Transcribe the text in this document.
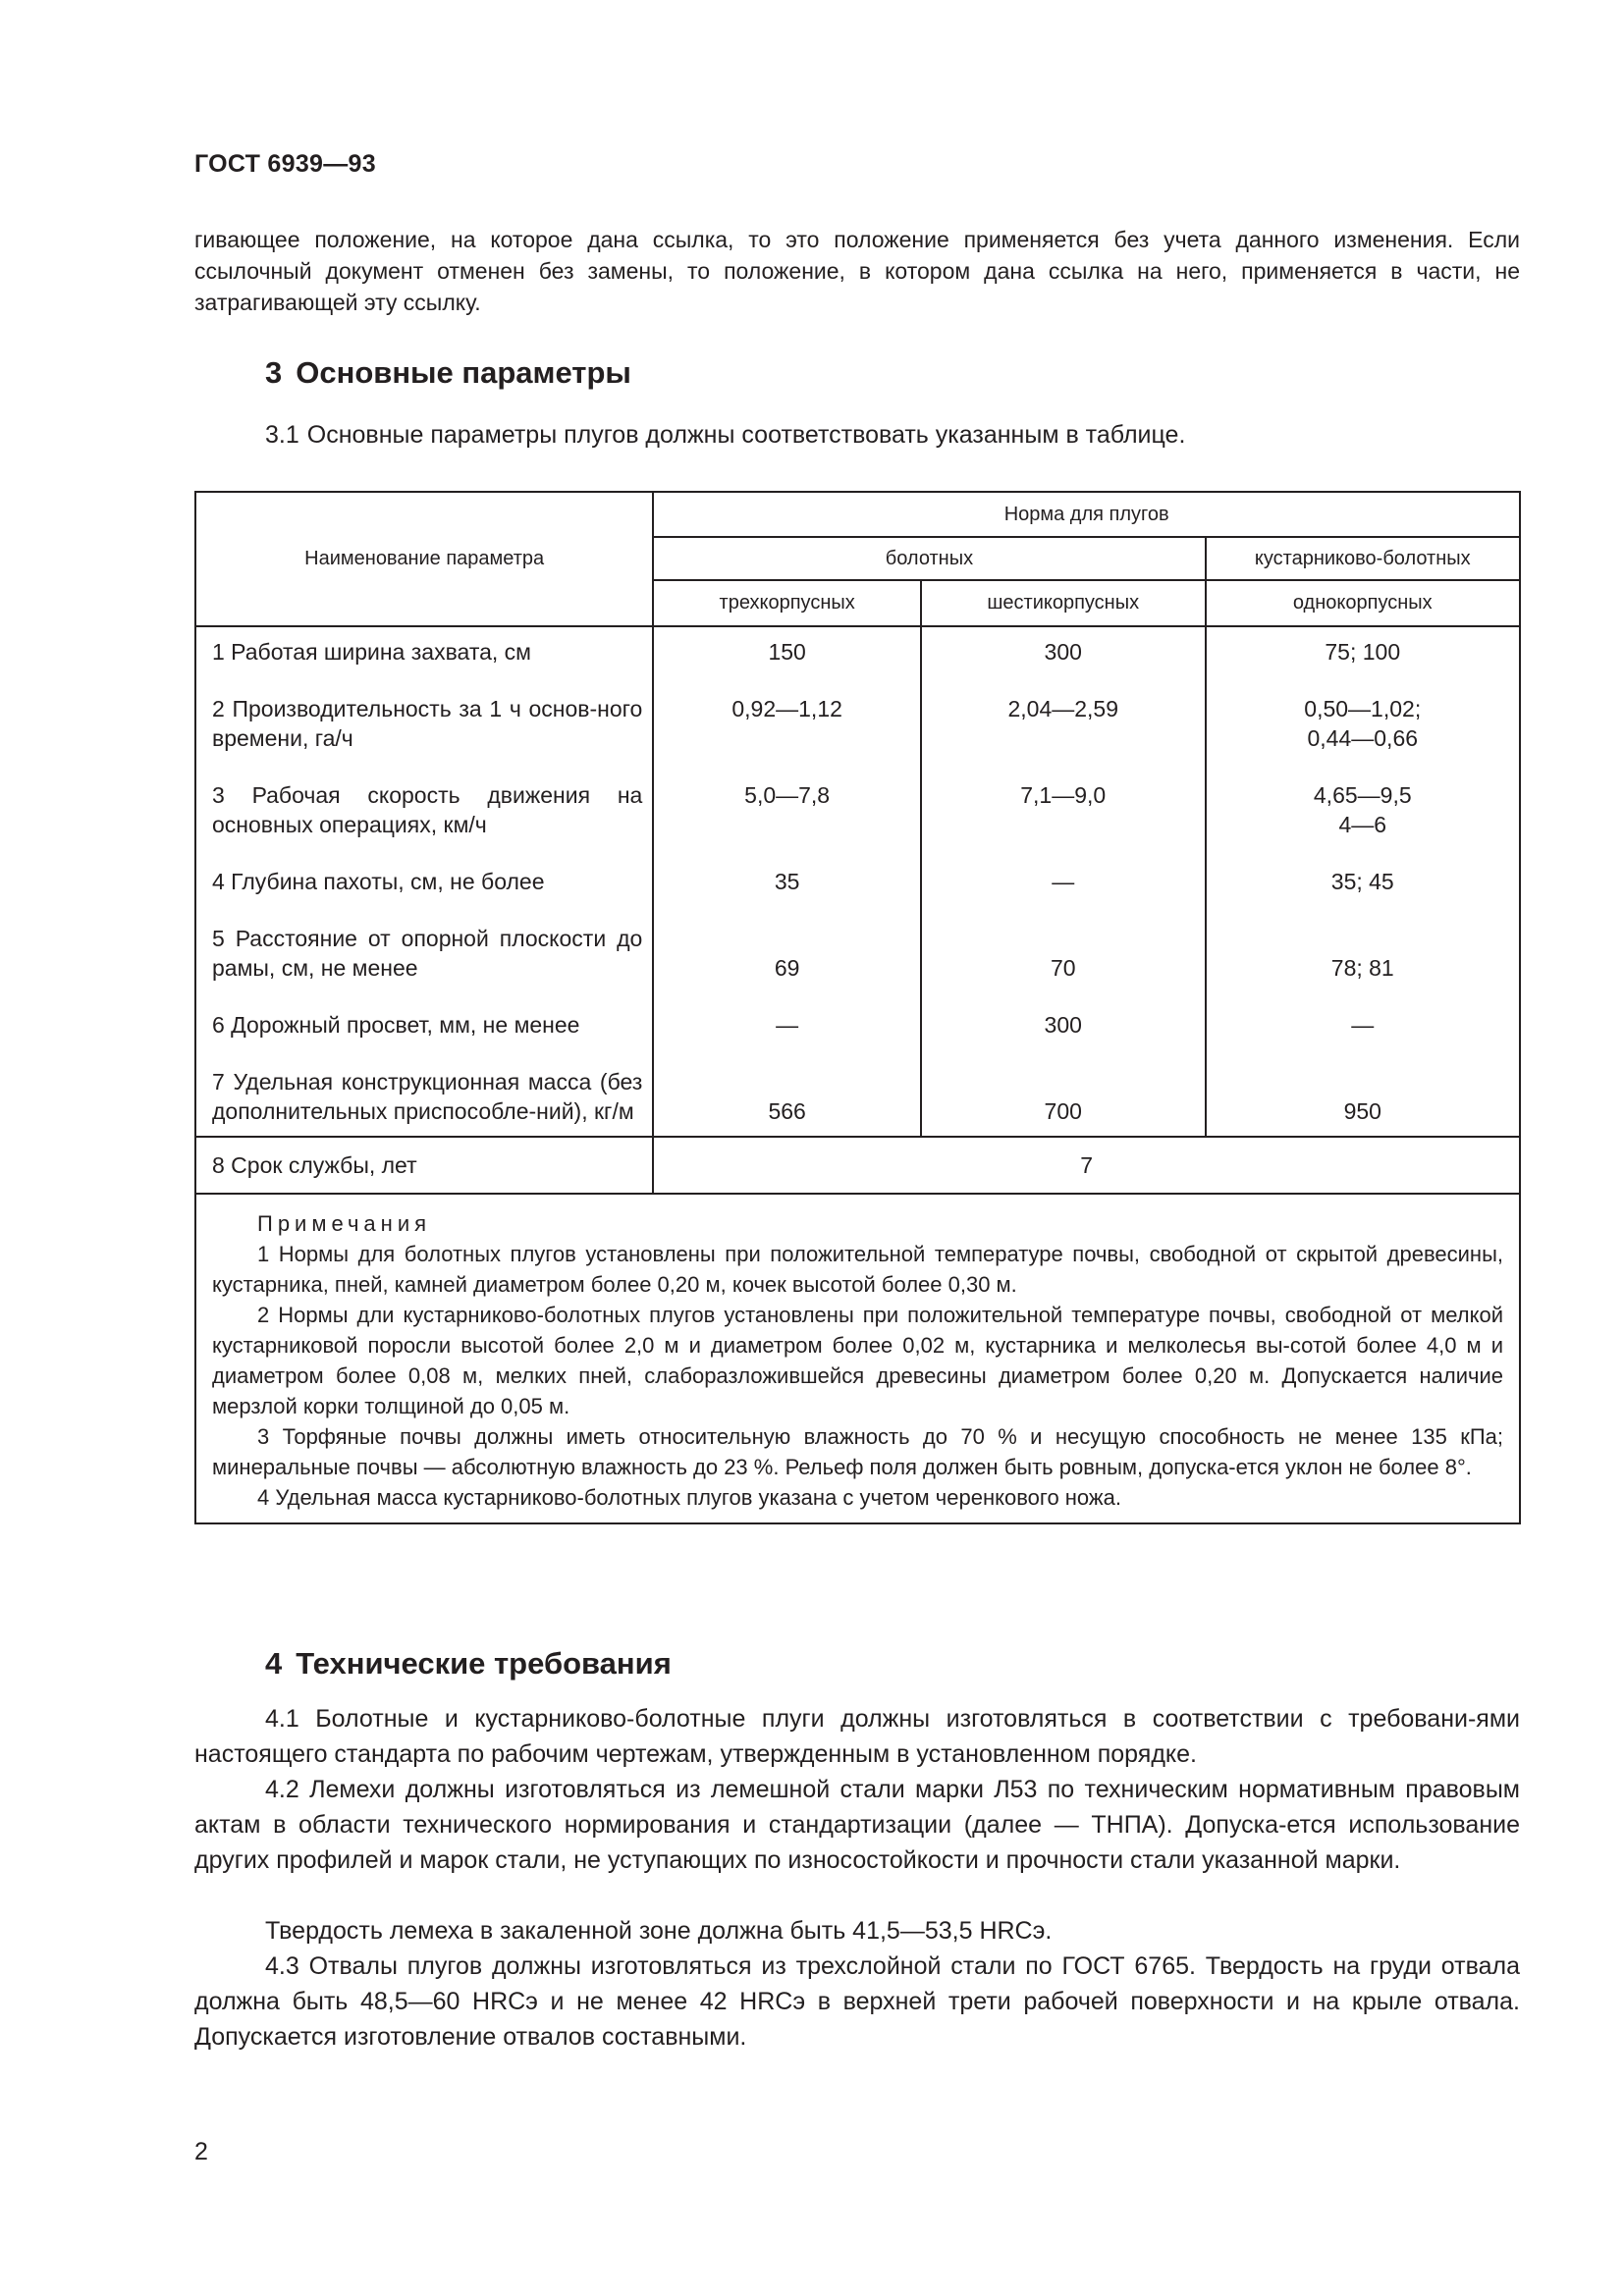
ГОСТ 6939—93

гивающее положение, на которое дана ссылка, то это положение применяется без учета данного изменения. Если ссылочный документ отменен без замены, то положение, в котором дана ссылка на него, применяется в части, не затрагивающей эту ссылку.

3 Основные параметры

3.1 Основные параметры плугов должны соответствовать указанным в таблице.

Наименование параметра	Норма для плугов		
	болотных		кустарниково-болотных
	трехкорпусных	шестикорпусных	однокорпусных
1 Работая ширина захвата, см	150	300	75; 100
2 Производительность за 1 ч основ-ного времени, га/ч	0,92—1,12	2,04—2,59	0,50—1,02;
0,44—0,66

3 Рабочая скорость движения на основных операциях, км/ч	5,0—7,8	7,1—9,0	4,65—9,5
4—6

4 Глубина пахоты, см, не более	35	—	35; 45
5 Расстояние от опорной плоскости до рамы, см, не менее	69	70	78; 81
6 Дорожный просвет, мм, не менее	—	300	—
7 Удельная конструкционная масса (без дополнительных приспособле-ний), кг/м	566	700	950
8 Срок службы, лет	7		

Примечания

1 Нормы для болотных плугов установлены при положительной температуре почвы, свободной от скрытой древесины, кустарника, пней, камней диаметром более 0,20 м, кочек высотой более 0,30 м.

2 Нормы дли кустарниково-болотных плугов установлены при положительной температуре почвы, свободной от мелкой кустарниковой поросли высотой более 2,0 м и диаметром более 0,02 м, кустарника и мелколесья вы-сотой более 4,0 м и диаметром более 0,08 м, мелких пней, слаборазложившейся древесины диаметром более 0,20 м. Допускается наличие мерзлой корки толщиной до 0,05 м.

3 Торфяные почвы должны иметь относительную влажность до 70 % и несущую способность не менее 135 кПа; минеральные почвы — абсолютную влажность до 23 %. Рельеф поля должен быть ровным, допуска-ется уклон не более 8°.

4 Удельная масса кустарниково-болотных плугов указана с учетом черенкового ножа.			

4 Технические требования

4.1 Болотные и кустарниково-болотные плуги должны изготовляться в соответствии с требовани-ями настоящего стандарта по рабочим чертежам, утвержденным в установленном порядке.

4.2 Лемехи должны изготовляться из лемешной стали марки Л53 по техническим нормативным правовым актам в области технического нормирования и стандартизации (далее — ТНПА). Допуска-ется использование других профилей и марок стали, не уступающих по износостойкости и прочности стали указанной марки.

Твердость лемеха в закаленной зоне должна быть 41,5—53,5 HRCэ.

4.3 Отвалы плугов должны изготовляться из трехслойной стали по ГОСТ 6765. Твердость на груди отвала должна быть 48,5—60 HRCэ и не менее 42 HRCэ в верхней трети рабочей поверхности и на крыле отвала. Допускается изготовление отвалов составными.

2
